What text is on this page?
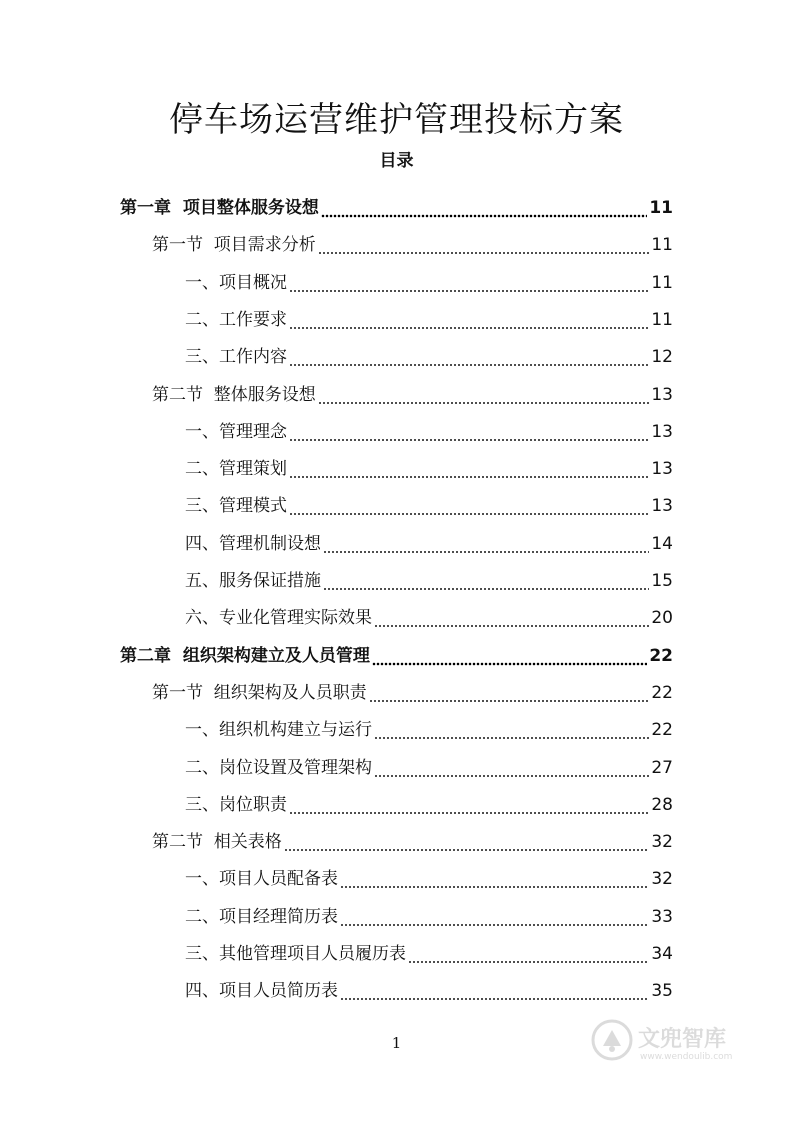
停车场运营维护管理投标方案
目录
第一章  项目整体服务设想	11
第一节  项目需求分析	11
一、项目概况	11
二、工作要求	11
三、工作内容	12
第二节  整体服务设想	13
一、管理理念	13
二、管理策划	13
三、管理模式	13
四、管理机制设想	14
五、服务保证措施	15
六、专业化管理实际效果	20
第二章  组织架构建立及人员管理	22
第一节  组织架构及人员职责	22
一、组织机构建立与运行	22
二、岗位设置及管理架构	27
三、岗位职责	28
第二节  相关表格	32
一、项目人员配备表	32
二、项目经理简历表	33
三、其他管理项目人员履历表	34
四、项目人员简历表	35
1	文兜智库
www.wendoulib.com
